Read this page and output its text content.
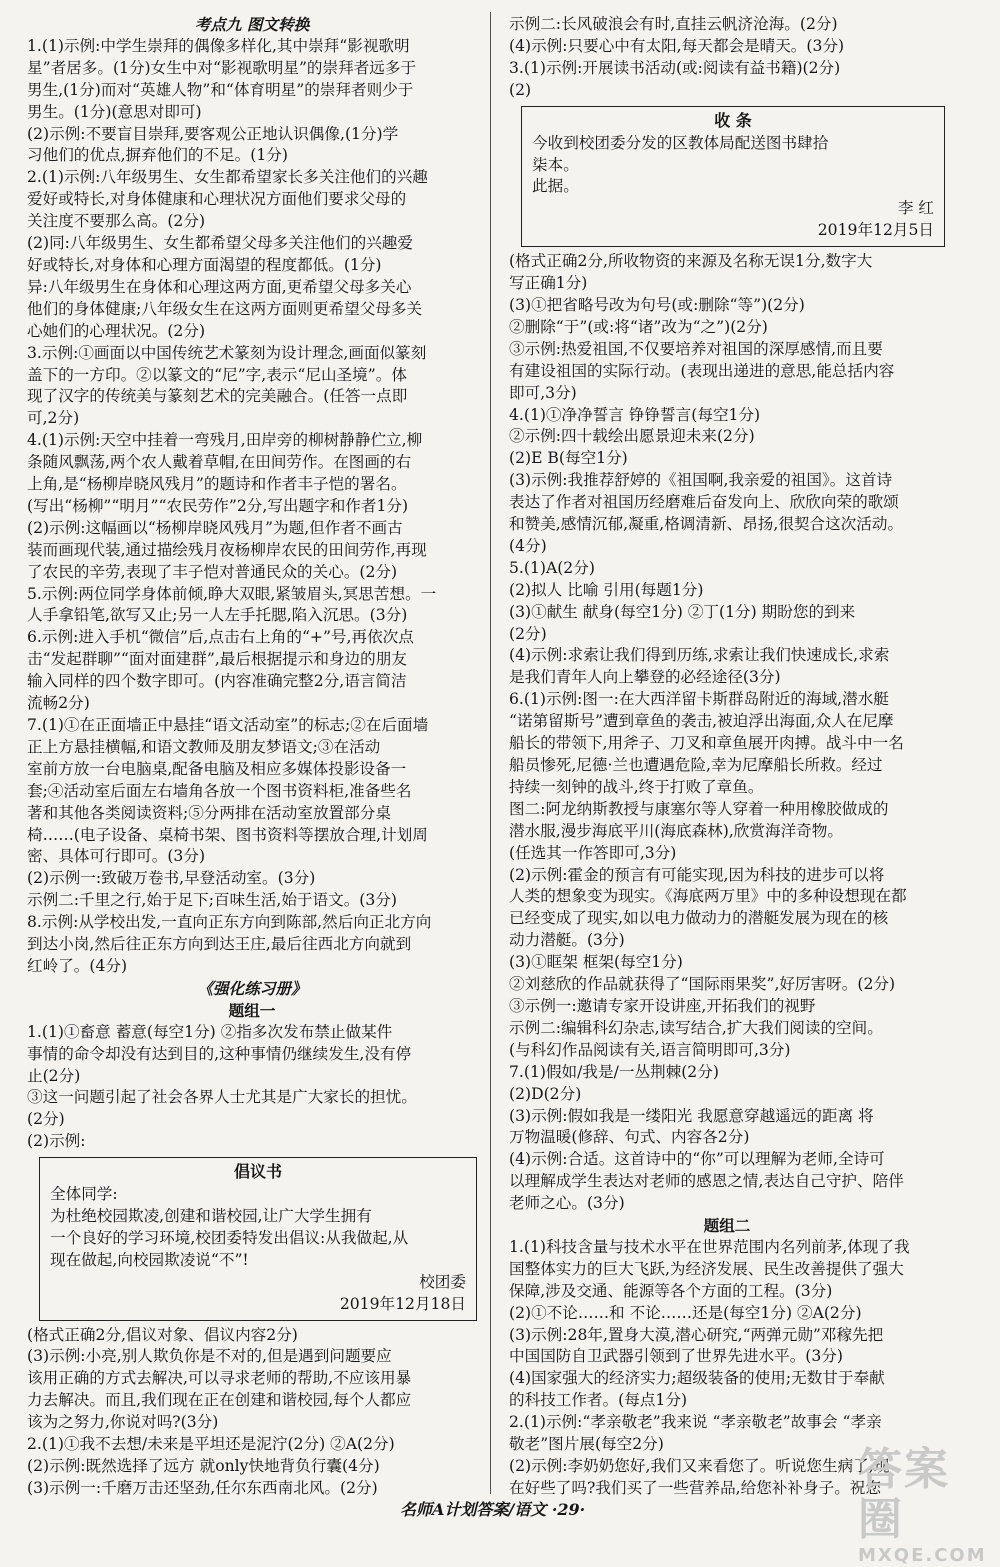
考点九 图文转换

1.(1)示例:中学生崇拜的偶像多样化,其中崇拜“影视歌明

星”者居多。(1分)女生中对“影视歌明星”的崇拜者远多于

男生,(1分)而对“英雄人物”和“体育明星”的崇拜者则少于

男生。(1分)(意思对即可)

(2)示例:不要盲目崇拜,要客观公正地认识偶像,(1分)学

习他们的优点,摒弃他们的不足。(1分)

2.(1)示例:八年级男生、女生都希望家长多关注他们的兴趣

爱好或特长,对身体健康和心理状况方面他们要求父母的

关注度不要那么高。(2分)

(2)同:八年级男生、女生都希望父母多关注他们的兴趣爱

好或特长,对身体和心理方面渴望的程度都低。(1分)

异:八年级男生在身体和心理这两方面,更希望父母多关心

他们的身体健康;八年级女生在这两方面则更希望父母多关

心她们的心理状况。(2分)

3.示例:①画面以中国传统艺术篆刻为设计理念,画面似篆刻

盖下的一方印。②以篆文的“尼”字,表示“尼山圣境”。体

现了汉字的传统美与篆刻艺术的完美融合。(任答一点即

可,2分)

4.(1)示例:天空中挂着一弯残月,田岸旁的柳树静静伫立,柳

条随风飘荡,两个农人戴着草帽,在田间劳作。在图画的右

上角,是“杨柳岸晓风残月”的题诗和作者丰子恺的署名。

(写出“杨柳”“明月”“农民劳作”2分,写出题字和作者1分)

(2)示例:这幅画以“杨柳岸晓风残月”为题,但作者不画古

装而画现代装,通过描绘残月夜杨柳岸农民的田间劳作,再现

了农民的辛劳,表现了丰子恺对普通民众的关心。(2分)

5.示例:两位同学身体前倾,睁大双眼,紧皱眉头,冥思苦想。一

人手拿铅笔,欲写又止;另一人左手托腮,陷入沉思。(3分)

6.示例:进入手机“微信”后,点击右上角的“+”号,再依次点

击“发起群聊”“面对面建群”,最后根据提示和身边的朋友

输入同样的四个数字即可。(内容准确完整2分,语言简洁

流畅2分)

7.(1)①在正面墙正中悬挂“语文活动室”的标志;②在后面墙

正上方悬挂横幅,和语文教师及朋友梦语文;③在活动

室前方放一台电脑桌,配备电脑及相应多媒体投影设备一

套;④活动室后面左右墙角各放一个图书资料柜,准备些名

著和其他各类阅读资料;⑤分两排在活动室放置部分桌

椅……(电子设备、桌椅书架、图书资料等摆放合理,计划周

密、具体可行即可。(3分)

(2)示例一:致破万卷书,早登活动室。(3分)

示例二:千里之行,始于足下;百味生活,始于语文。(3分)

8.示例:从学校出发,一直向正东方向到陈部,然后向正北方向

到达小岗,然后往正东方向到达王庄,最后往西北方向就到

红岭了。(4分)

《强化练习册》

题组一

1.(1)①畜意 蓄意(每空1分) ②指多次发布禁止做某件

事情的命令却没有达到目的,这种事情仍继续发生,没有停

止(2分)

③这一问题引起了社会各界人士尤其是广大家长的担忧。

(2分)

(2)示例:

倡议书

全体同学:

为杜绝校园欺凌,创建和谐校园,让广大学生拥有

一个良好的学习环境,校团委特发出倡议:从我做起,从

现在做起,向校园欺凌说“不”!

校团委

2019年12月18日

(格式正确2分,倡议对象、倡议内容2分)

(3)示例:小亮,别人欺负你是不对的,但是遇到问题要应

该用正确的方式去解决,可以寻求老师的帮助,不应该用暴

力去解决。而且,我们现在正在创建和谐校园,每个人都应

该为之努力,你说对吗?(3分)

2.(1)①我不去想/未来是平坦还是泥泞(2分) ②A(2分)

(2)示例:既然选择了远方 就only快地背负行囊(4分)

(3)示例一:千磨万击还坚劲,任尔东西南北风。(2分)

示例二:长风破浪会有时,直挂云帆济沧海。(2分)

(4)示例:只要心中有太阳,每天都会是晴天。(3分)

3.(1)示例:开展读书活动(或:阅读有益书籍)(2分)

(2)

收 条

今收到校团委分发的区教体局配送图书肆拾

柒本。

此据。

李 红

2019年12月5日

(格式正确2分,所收物资的来源及名称无误1分,数字大

写正确1分)

(3)①把省略号改为句号(或:删除“等”)(2分)

②删除“于”(或:将“诸”改为“之”)(2分)

③示例:热爱祖国,不仅要培养对祖国的深厚感情,而且要

有建设祖国的实际行动。(表现出递进的意思,能总括内容

即可,3分)

4.(1)①净净誓言 铮铮誓言(每空1分)

②示例:四十载绘出愿景迎未来(2分)

(2)E B(每空1分)

(3)示例:我推荐舒婷的《祖国啊,我亲爱的祖国》。这首诗

表达了作者对祖国历经磨难后奋发向上、欣欣向荣的歌颂

和赞美,感情沉郁,凝重,格调清新、昂扬,很契合这次活动。

(4分)

5.(1)A(2分)

(2)拟人 比喻 引用(每题1分)

(3)①献生 献身(每空1分) ②丁(1分) 期盼您的到来

(2分)

(4)示例:求索让我们得到历练,求索让我们快速成长,求索

是我们青年人向上攀登的必经途径(3分)

6.(1)示例:图一:在大西洋留卡斯群岛附近的海域,潜水艇

“诺第留斯号”遭到章鱼的袭击,被迫浮出海面,众人在尼摩

船长的带领下,用斧子、刀叉和章鱼展开肉搏。战斗中一名

船员惨死,尼德·兰也遭遇危险,幸为尼摩船长所救。经过

持续一刻钟的战斗,终于打败了章鱼。

图二:阿龙纳斯教授与康塞尔等人穿着一种用橡胶做成的

潜水服,漫步海底平川(海底森林),欣赏海洋奇物。

(任选其一作答即可,3分)

(2)示例:霍金的预言有可能实现,因为科技的进步可以将

人类的想象变为现实。《海底两万里》中的多种设想现在都

已经变成了现实,如以电力做动力的潜艇发展为现在的核

动力潜艇。(3分)

(3)①眶架 框架(每空1分)

②刘慈欣的作品就获得了“国际雨果奖”,好厉害呀。(2分)

③示例一:邀请专家开设讲座,开拓我们的视野

示例二:编辑科幻杂志,读写结合,扩大我们阅读的空间。

(与科幻作品阅读有关,语言简明即可,3分)

7.(1)假如/我是/一丛荆棘(2分)

(2)D(2分)

(3)示例:假如我是一缕阳光 我愿意穿越遥远的距离 将

万物温暖(修辞、句式、内容各2分)

(4)示例:合适。这首诗中的“你”可以理解为老师,全诗可

以理解成学生表达对老师的感恩之情,表达自己守护、陪伴

老师之心。(3分)

题组二

1.(1)科技含量与技术水平在世界范围内名列前茅,体现了我

国整体实力的巨大飞跃,为经济发展、民生改善提供了强大

保障,涉及交通、能源等各个方面的工程。(3分)

(2)①不论……和 不论……还是(每空1分) ②A(2分)

(3)示例:28年,置身大漠,潜心研究,“两弹元勋”邓稼先把

中国国防自卫武器引领到了世界先进水平。(3分)

(4)国家强大的经济实力;超级装备的使用;无数甘于奉献

的科技工作者。(每点1分)

2.(1)示例:“孝亲敬老”我来说 “孝亲敬老”故事会 “孝亲

敬老”图片展(每空2分)

(2)示例:李奶奶您好,我们又来看您了。听说您生病了,现

在好些了吗?我们买了一些营养品,给您补补身子。祝您

名师A计划答案/语文 ·29·
答案圈
MXQE.COM
